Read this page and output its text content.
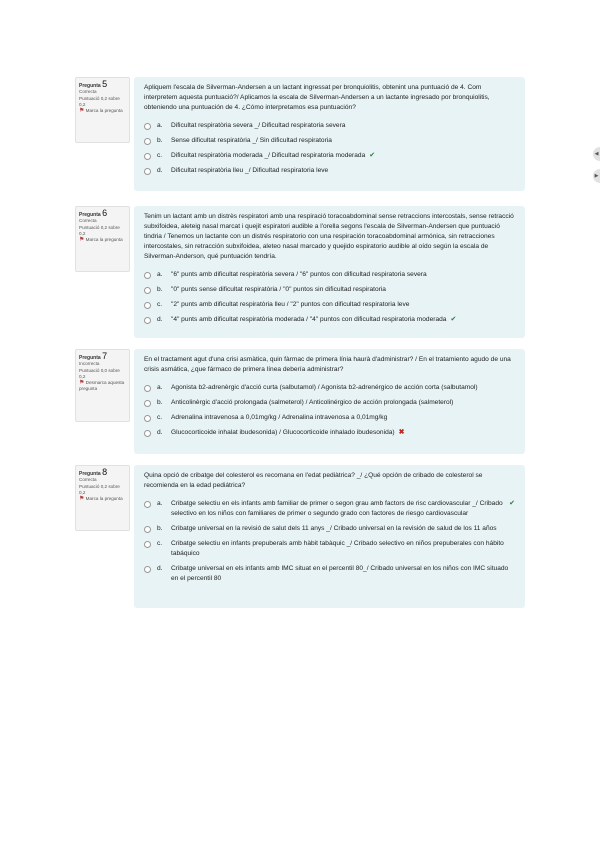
Pregunta 5
Correcta
Puntuació 0,2 sobre 0,2
⚑ Marca la pregunta
Apliquem l'escala de Silverman-Andersen a un lactant ingressat per bronquiolitis, obtenint una puntuació de 4. Com interpretem aquesta puntuació?/ Aplicamos la escala de Silverman-Andersen a un lactante ingresado por bronquiolitis, obteniendo una puntuación de 4. ¿Cómo interpretamos esa puntuación?
a.	Dificultat respiratòria severa _/ Dificultad respiratoria severa
b.	Sense dificultat respiratòria _/ Sin dificultad respiratoria
c.	Dificultat respiratòria moderada _/ Dificultad respiratoria moderada ✔
d.	Dificultat respiratòria lleu _/ Dificultad respiratoria leve
◀
▶
Pregunta 6
Correcta
Puntuació 0,2 sobre 0,2
⚑ Marca la pregunta
Tenim un lactant amb un distrès respiratori amb una respiració toracoabdominal sense retraccions intercostals, sense retracció subxifoidea, aleteig nasal marcat i quejit espiratori audible a l'orella segons l'escala de Silverman-Andersen que puntuació tindria / Tenemos un lactante con un distrés respiratorio con una respiración toracoabdominal armónica, sin retracciones intercostales, sin retracción subxifoidea, aleteo nasal marcado y quejido espiratorio audible al oído según la escala de Silverman-Anderson, qué puntuación tendría.
a.	"6" punts amb dificultat respiratòria severa / "6" puntos con dificultad respiratoria severa
b.	"0" punts sense dificultat respiratòria / "0" puntos sin dificultad respiratoria
c.	"2" punts amb dificultat respiratòria lleu / "2" puntos con dificultad respiratoria leve
d.	"4" punts amb dificultat respiratòria moderada / "4" puntos con dificultad respiratoria moderada ✔
Pregunta 7
Incorrecta
Puntuació 0,0 sobre 0,2
⚑ Desmarca aquesta pregunta
En el tractament agut d'una crisi asmàtica, quin fàrmac de primera línia haurà d'administrar? / En el tratamiento agudo de una crisis asmática, ¿que fármaco de primera línea debería administrar?
a.	Agonista b2-adrenèrgic d'acció curta (salbutamol) / Agonista b2-adrenérgico de acción corta (salbutamol)
b.	Anticolinèrgic d'acció prolongada (salmeterol) / Anticolinérgico de acción prolongada (salmeterol)
c.	Adrenalina intravenosa a 0,01mg/kg / Adrenalina intravenosa a 0,01mg/kg
d.	Glucocorticoide inhalat ibudesonida) / Glucocorticoide inhalado ibudesonida) ✖
Pregunta 8
Correcta
Puntuació 0,2 sobre 0,2
⚑ Marca la pregunta
Quina opció de cribatge del colesterol es recomana en l'edat pediàtrica? _/ ¿Qué opción de cribado de colesterol se recomienda en la edad pediátrica?
a.	Cribatge selectiu en els infants amb familiar de primer o segon grau amb factors de risc cardiovascular _/ Cribado selectivo en los niños con familiares de primer o segundo grado con factores de riesgo cardiovascular
✔
b.	Cribatge universal en la revisió de salut dels 11 anys _/ Cribado universal en la revisión de salud de los 11 años
c.	Cribatge selectiu en infants prepuberals amb hàbit tabàquic _/ Cribado selectivo en niños prepuberales con hábito tabáquico
d.	Cribatge universal en els infants amb IMC situat en el percentil 80_/ Cribado universal en los niños con IMC situado en el percentil 80
